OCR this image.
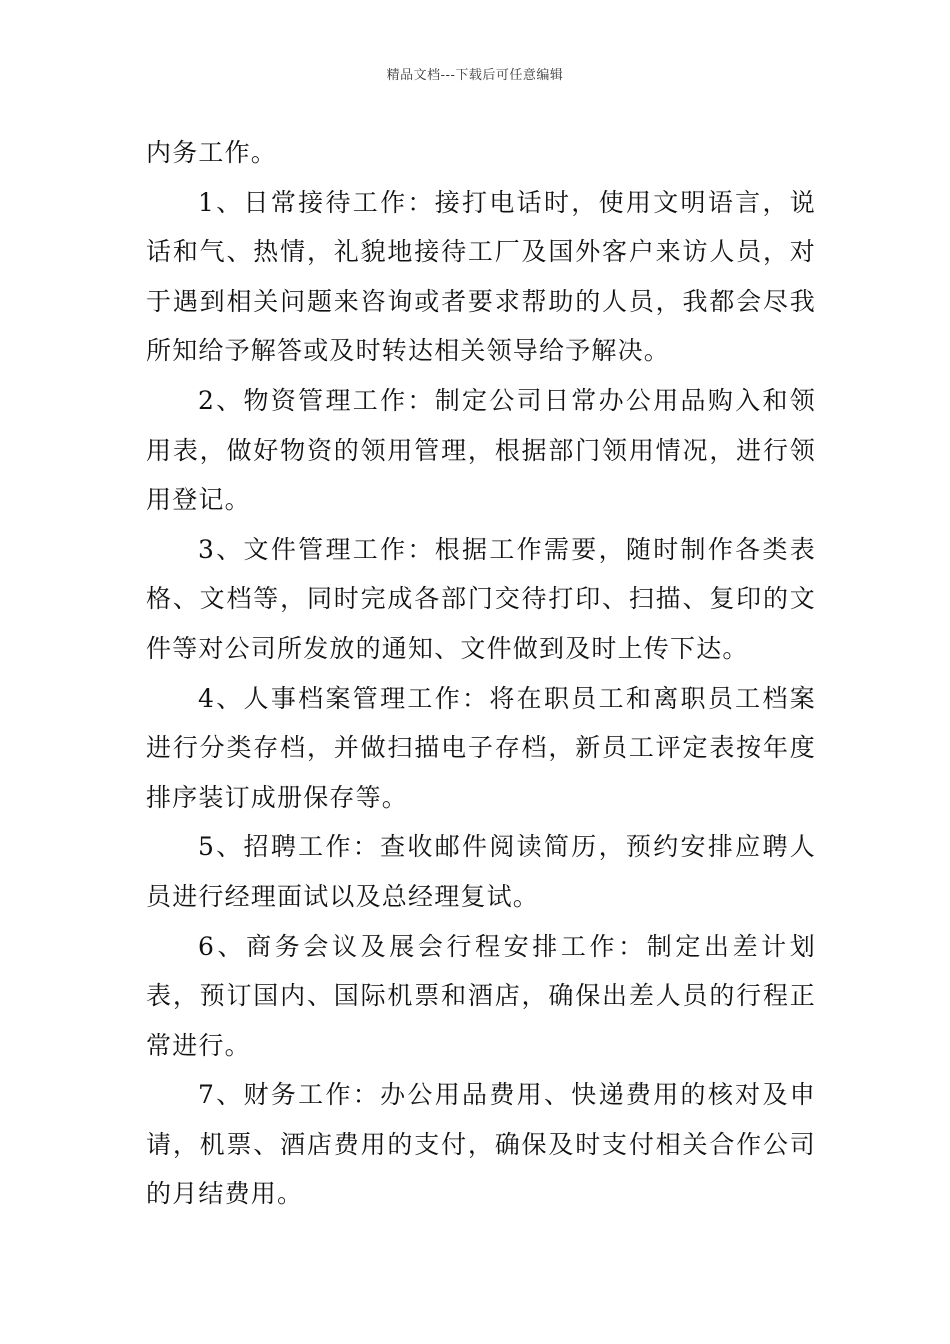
精品文档---下载后可任意编辑

内务工作。

1、日常接待工作：接打电话时，使用文明语言，说话和气、热情，礼貌地接待工厂及国外客户来访人员，对于遇到相关问题来咨询或者要求帮助的人员，我都会尽我所知给予解答或及时转达相关领导给予解决。

2、物资管理工作：制定公司日常办公用品购入和领用表，做好物资的领用管理，根据部门领用情况，进行领用登记。

3、文件管理工作：根据工作需要，随时制作各类表格、文档等，同时完成各部门交待打印、扫描、复印的文件等对公司所发放的通知、文件做到及时上传下达。

4、人事档案管理工作：将在职员工和离职员工档案进行分类存档，并做扫描电子存档，新员工评定表按年度排序装订成册保存等。

5、招聘工作：查收邮件阅读简历，预约安排应聘人员进行经理面试以及总经理复试。

6、商务会议及展会行程安排工作：制定出差计划表，预订国内、国际机票和酒店，确保出差人员的行程正常进行。

7、财务工作：办公用品费用、快递费用的核对及申请，机票、酒店费用的支付，确保及时支付相关合作公司的月结费用。
